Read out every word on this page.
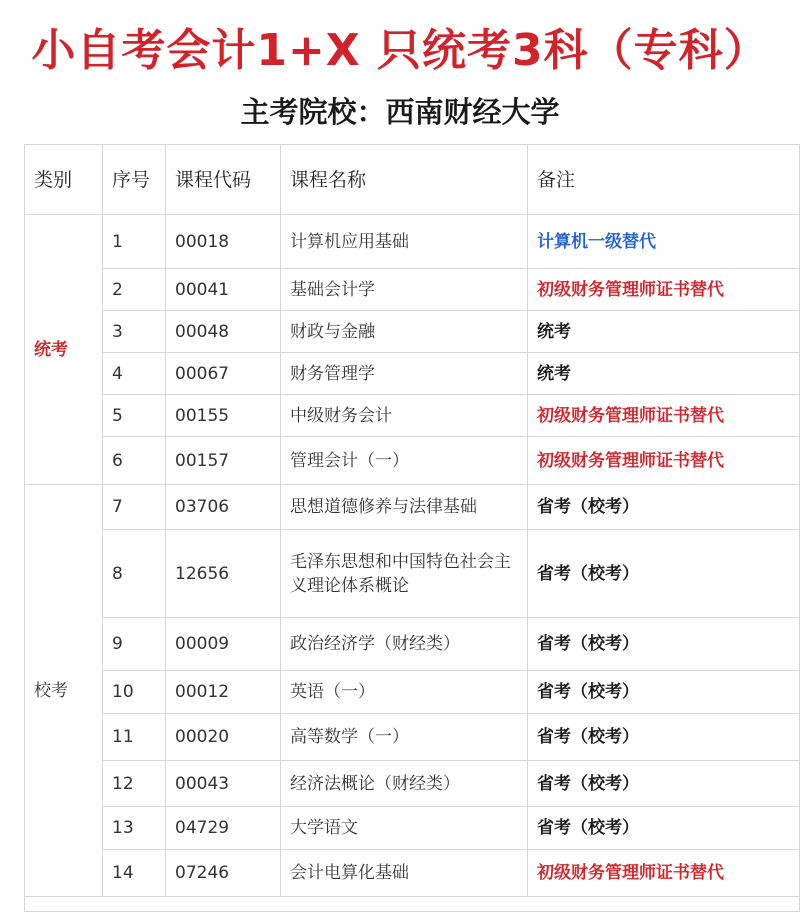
小自考会计1+X 只统考3科（专科）
主考院校：西南财经大学
类别	序号	课程代码	课程名称	备注
统考	1	00018	计算机应用基础	计算机一级替代
	2	00041	基础会计学	初级财务管理师证书替代
	3	00048	财政与金融	统考
	4	00067	财务管理学	统考
	5	00155	中级财务会计	初级财务管理师证书替代
	6	00157	管理会计（一）	初级财务管理师证书替代
校考	7	03706	思想道德修养与法律基础	省考（校考）
	8	12656	毛泽东思想和中国特色社会主义理论体系概论	省考（校考）
	9	00009	政治经济学（财经类）	省考（校考）
	10	00012	英语（一）	省考（校考）
	11	00020	高等数学（一）	省考（校考）
	12	00043	经济法概论（财经类）	省考（校考）
	13	04729	大学语文	省考（校考）
	14	07246	会计电算化基础	初级财务管理师证书替代
